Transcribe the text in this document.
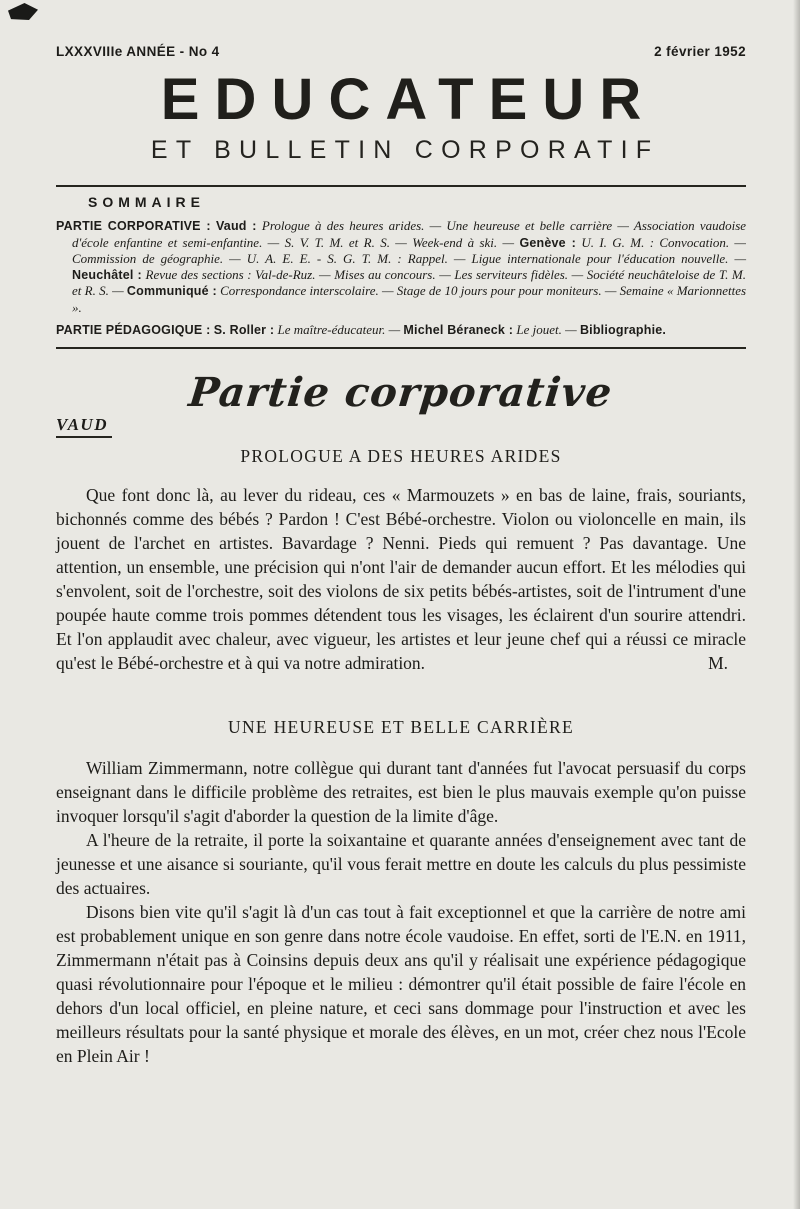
LXXXVIIIe ANNÉE - No 4	2 février 1952
EDUCATEUR
ET BULLETIN CORPORATIF
SOMMAIRE

PARTIE CORPORATIVE : Vaud : Prologue à des heures arides. — Une heureuse et belle carrière — Association vaudoise d'école enfantine et semi-enfantine. — S. V. T. M. et R. S. — Week-end à ski. — Genève : U. I. G. M. : Convocation. — Commission de géographie. — U. A. E. E. - S. G. T. M. : Rappel. — Ligue internationale pour l'éducation nouvelle. — Neuchâtel : Revue des sections : Val-de-Ruz. — Mises au concours. — Les serviteurs fidèles. — Société neuchâteloise de T. M. et R. S. — Communiqué : Correspondance interscolaire. — Stage de 10 jours pour pour moniteurs. — Semaine « Marionnettes ».

PARTIE PÉDAGOGIQUE : S. Roller : Le maître-éducateur. — Michel Béraneck : Le jouet. — Bibliographie.

Partie corporative
VAUD
PROLOGUE A DES HEURES ARIDES

Que font donc là, au lever du rideau, ces « Marmouzets » en bas de laine, frais, souriants, bichonnés comme des bébés ? Pardon ! C'est Bébé-orchestre. Violon ou violoncelle en main, ils jouent de l'archet en artistes. Bavardage ? Nenni. Pieds qui remuent ? Pas davantage. Une attention, un ensemble, une précision qui n'ont l'air de demander aucun effort. Et les mélodies qui s'envolent, soit de l'orchestre, soit des violons de six petits bébés-artistes, soit de l'intrument d'une poupée haute comme trois pommes détendent tous les visages, les éclairent d'un sourire attendri. Et l'on applaudit avec chaleur, avec vigueur, les artistes et leur jeune chef qui a réussi ce miracle qu'est le Bébé-orchestre et à qui va notre admiration.	M.

UNE HEUREUSE ET BELLE CARRIÈRE

William Zimmermann, notre collègue qui durant tant d'années fut l'avocat persuasif du corps enseignant dans le difficile problème des retraites, est bien le plus mauvais exemple qu'on puisse invoquer lorsqu'il s'agit d'aborder la question de la limite d'âge.

A l'heure de la retraite, il porte la soixantaine et quarante années d'enseignement avec tant de jeunesse et une aisance si souriante, qu'il vous ferait mettre en doute les calculs du plus pessimiste des actuaires.

Disons bien vite qu'il s'agit là d'un cas tout à fait exceptionnel et que la carrière de notre ami est probablement unique en son genre dans notre école vaudoise. En effet, sorti de l'E.N. en 1911, Zimmermann n'était pas à Coinsins depuis deux ans qu'il y réalisait une expérience pédagogique quasi révolutionnaire pour l'époque et le milieu : démontrer qu'il était possible de faire l'école en dehors d'un local officiel, en pleine nature, et ceci sans dommage pour l'instruction et avec les meilleurs résultats pour la santé physique et morale des élèves, en un mot, créer chez nous l'Ecole en Plein Air !
